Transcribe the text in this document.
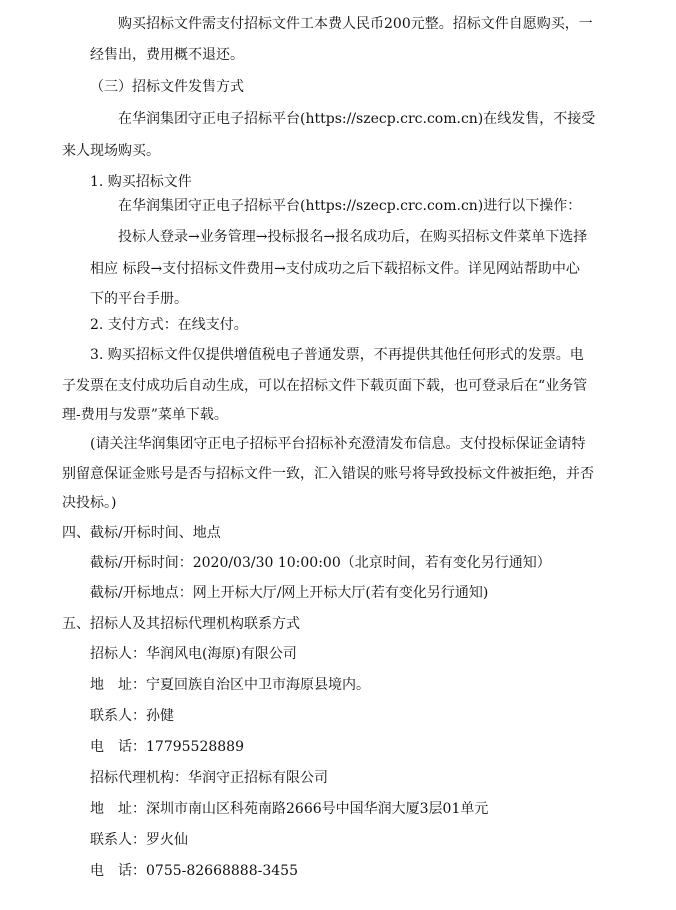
购买招标文件需支付招标文件工本费人民币200元整。招标文件自愿购买，一
经售出，费用概不退还。
（三）招标文件发售方式
在华润集团守正电子招标平台(https://szecp.crc.com.cn)在线发售，不接受
来人现场购买。
1. 购买招标文件
在华润集团守正电子招标平台(https://szecp.crc.com.cn)进行以下操作：
投标人登录→业务管理→投标报名→报名成功后，在购买招标文件菜单下选择
相应 标段→支付招标文件费用→支付成功之后下载招标文件。详见网站帮助中心
下的平台手册。
2. 支付方式：在线支付。
3. 购买招标文件仅提供增值税电子普通发票，不再提供其他任何形式的发票。电
子发票在支付成功后自动生成，可以在招标文件下载页面下载，也可登录后在“业务管
理-费用与发票”菜单下载。
(请关注华润集团守正电子招标平台招标补充澄清发布信息。支付投标保证金请特
别留意保证金账号是否与招标文件一致，汇入错误的账号将导致投标文件被拒绝，并否
决投标。)
四、截标/开标时间、地点
截标/开标时间：2020/03/30 10:00:00（北京时间，若有变化另行通知）
截标/开标地点：网上开标大厅/网上开标大厅(若有变化另行通知)
五、招标人及其招标代理机构联系方式
招标人：华润风电(海原)有限公司
地　址：宁夏回族自治区中卫市海原县境内。
联系人：孙健
电　话：17795528889
招标代理机构：华润守正招标有限公司
地　址：深圳市南山区科苑南路2666号中国华润大厦3层01单元
联系人：罗火仙
电　话：0755-82668888-3455
